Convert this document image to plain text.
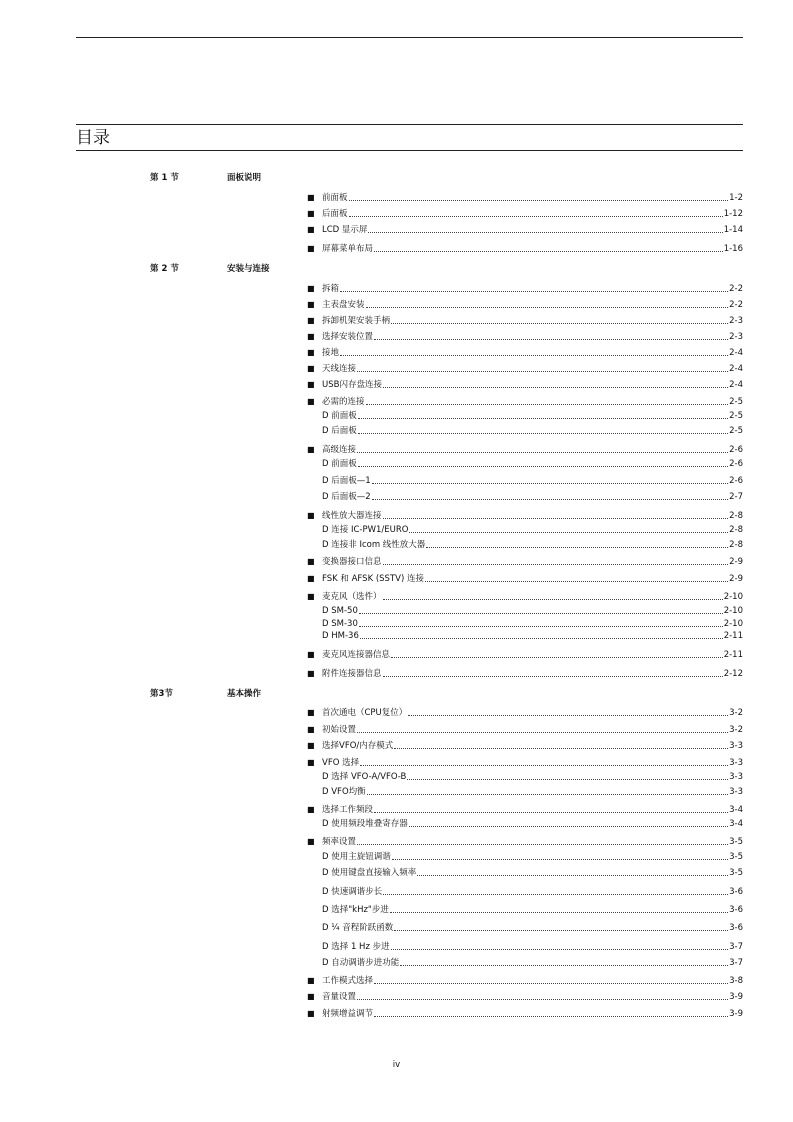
目录
第 1 节	面板说明
■ 前面板	1-2
■ 后面板	1-12
■ LCD 显示屏	1-14
■ 屏幕菜单布局	1-16
第 2 节	安装与连接
■ 拆箱	2-2
■ 主表盘安装	2-2
■ 拆卸机架安装手柄	2-3
■ 选择安装位置	2-3
■ 接地	2-4
■ 天线连接	2-4
■ USB闪存盘连接	2-4
■ 必需的连接	2-5
D 前面板	2-5
D 后面板	2-5
■ 高级连接	2-6
D 前面板	2-6
D 后面板—1	2-6
D 后面板—2	2-7
■ 线性放大器连接	2-8
D 连接 IC-PW1/EURO	2-8
D 连接非 Icom 线性放大器	2-8
■ 变换器接口信息	2-9
■ FSK 和 AFSK (SSTV) 连接	2-9
■ 麦克风（选件）	2-10
D SM-50	2-10
D SM-30	2-10
D HM-36	2-11
■ 麦克风连接器信息	2-11
■ 附件连接器信息	2-12
第3节	基本操作
■ 首次通电（CPU复位）	3-2
■ 初始设置	3-2
■ 选择VFO/内存模式	3-3
■ VFO 选择	3-3
D 选择 VFO-A/VFO-B	3-3
D VFO均衡	3-3
■ 选择工作频段	3-4
D 使用频段堆叠寄存器	3-4
■ 频率设置	3-5
D 使用主旋钮调谐	3-5
D 使用键盘直接输入频率	3-5
D 快速调谐步长	3-6
D 选择"kHz"步进	3-6
D ¼ 音程阶跃函数	3-6
D 选择 1 Hz 步进	3-7
D 自动调谐步进功能	3-7
■ 工作模式选择	3-8
■ 音量设置	3-9
■ 射频增益调节	3-9
iv
